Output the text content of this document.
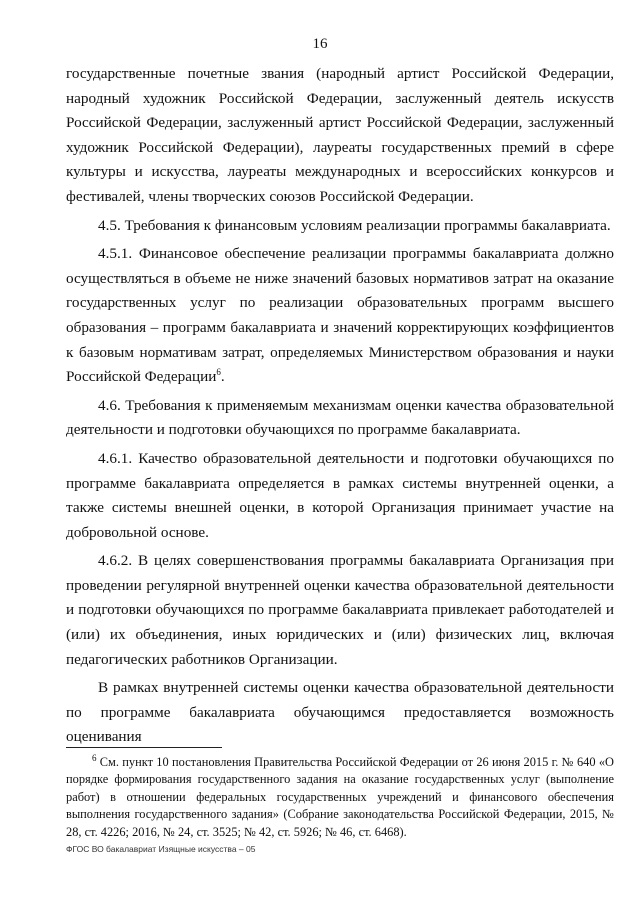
16

государственные почетные звания (народный артист Российской Федерации, народный художник Российской Федерации, заслуженный деятель искусств Российской Федерации, заслуженный артист Российской Федерации, заслуженный художник Российской Федерации), лауреаты государственных премий в сфере культуры и искусства, лауреаты международных и всероссийских конкурсов и фестивалей, члены творческих союзов Российской Федерации.

4.5. Требования к финансовым условиям реализации программы бакалавриата.

4.5.1. Финансовое обеспечение реализации программы бакалавриата должно осуществляться в объеме не ниже значений базовых нормативов затрат на оказание государственных услуг по реализации образовательных программ высшего образования – программ бакалавриата и значений корректирующих коэффициентов к базовым нормативам затрат, определяемых Министерством образования и науки Российской Федерации$^6$.

4.6. Требования к применяемым механизмам оценки качества образовательной деятельности и подготовки обучающихся по программе бакалавриата.

4.6.1. Качество образовательной деятельности и подготовки обучающихся по программе бакалавриата определяется в рамках системы внутренней оценки, а также системы внешней оценки, в которой Организация принимает участие на добровольной основе.

4.6.2. В целях совершенствования программы бакалавриата Организация при проведении регулярной внутренней оценки качества образовательной деятельности и подготовки обучающихся по программе бакалавриата привлекает работодателей и (или) их объединения, иных юридических и (или) физических лиц, включая педагогических работников Организации.

В рамках внутренней системы оценки качества образовательной деятельности по программе бакалавриата обучающимся предоставляется возможность оценивания

$^6$ См. пункт 10 постановления Правительства Российской Федерации от 26 июня 2015 г. № 640 «О порядке формирования государственного задания на оказание государственных услуг (выполнение работ) в отношении федеральных государственных учреждений и финансового обеспечения выполнения государственного задания» (Собрание законодательства Российской Федерации, 2015, № 28, ст. 4226; 2016, № 24, ст. 3525; № 42, ст. 5926; № 46, ст. 6468).

ФГОС ВО бакалавриат Изящные искусства – 05
